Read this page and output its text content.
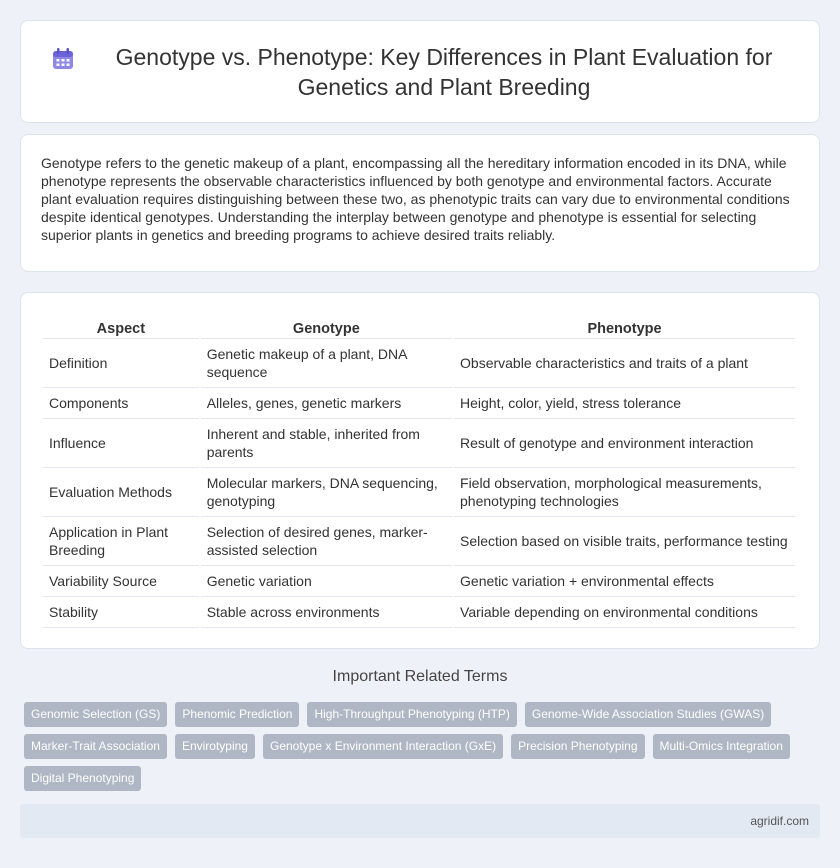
Genotype vs. Phenotype: Key Differences in Plant Evaluation for Genetics and Plant Breeding

Genotype refers to the genetic makeup of a plant, encompassing all the hereditary information encoded in its DNA, while phenotype represents the observable characteristics influenced by both genotype and environmental factors. Accurate plant evaluation requires distinguishing between these two, as phenotypic traits can vary due to environmental conditions despite identical genotypes. Understanding the interplay between genotype and phenotype is essential for selecting superior plants in genetics and breeding programs to achieve desired traits reliably.

Aspect	Genotype	Phenotype
Definition	Genetic makeup of a plant, DNA sequence	Observable characteristics and traits of a plant
Components	Alleles, genes, genetic markers	Height, color, yield, stress tolerance
Influence	Inherent and stable, inherited from parents	Result of genotype and environment interaction
Evaluation Methods	Molecular markers, DNA sequencing, genotyping	Field observation, morphological measurements, phenotyping technologies
Application in Plant Breeding	Selection of desired genes, marker-assisted selection	Selection based on visible traits, performance testing
Variability Source	Genetic variation	Genetic variation + environmental effects
Stability	Stable across environments	Variable depending on environmental conditions
Important Related Terms
Genomic Selection (GS)	Phenomic Prediction	High-Throughput Phenotyping (HTP)	Genome-Wide Association Studies (GWAS)
Marker-Trait Association	Envirotyping	Genotype x Environment Interaction (GxE)	Precision Phenotyping	Multi-Omics Integration
Digital Phenotyping
agridif.com
